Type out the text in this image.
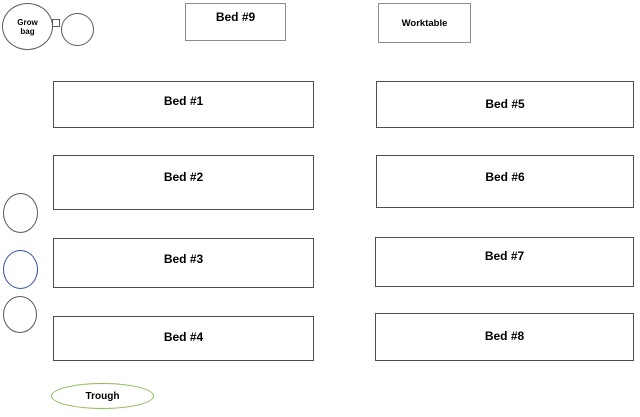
Grow
bag
Bed #9	Worktable
Bed #1
Bed #2
Bed #3
Bed #4
Bed #5
Bed #6
Bed #7
Bed #8
Trough
